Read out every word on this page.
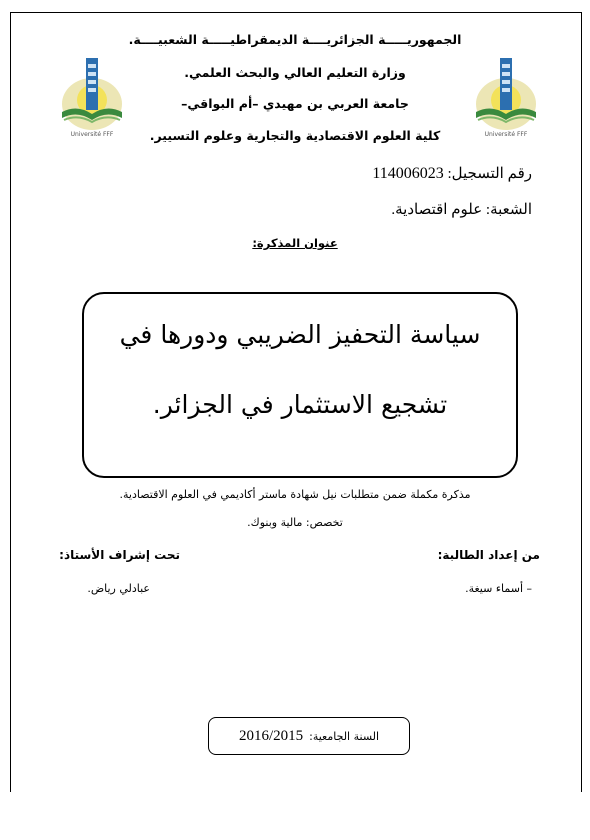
الجمهوريـــــة الجزائريــــة الديمقراطيـــــة الشعبيــــة.
وزارة التعليم العالي والبحث العلمي.
جامعة العربي بن مهيدي –أم البواقي–
كلية العلوم الاقتصادية والتجارية وعلوم التسيير.
Université FFF	Université FFF
رقم التسجيل: 114006023
الشعبة: علوم اقتصادية.
عنوان المذكرة:
سياسة التحفيز الضريبي ودورها في
تشجيع الاستثمار في الجزائر.
مذكرة مكملة ضمن متطلبات نيل شهادة ماستر أكاديمي في العلوم الاقتصادية.
تخصص: مالية وبنوك.
من إعداد الطالبة:
– أسماء سيغة.
تحت إشراف الأستاذ:
عبادلي رياض.
السنة الجامعية:
2016/2015
